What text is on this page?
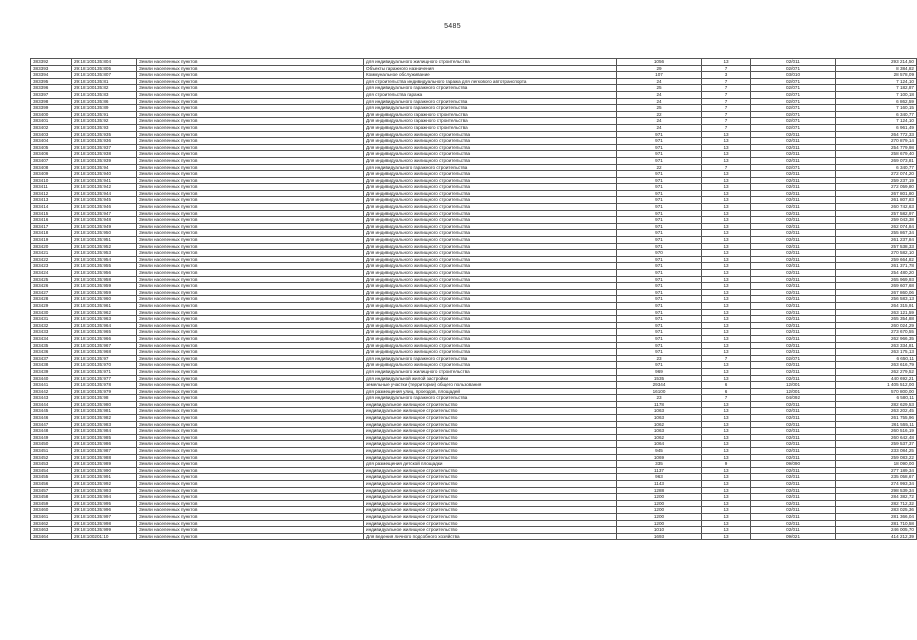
5485
383392	29:18:100135:804	Земли населенных пунктов	для индивидуального жилищного строительства	1056	13	02/011	293 214,50
383393	29:18:100135:805	Земли населенных пунктов	Объекты гаражного назначения	29	7	02/071	8 384,82
383394	29:18:100135:807	Земли населенных пунктов	Коммунальное обслуживание	107	3	03/010	28 578,09
383395	29:18:100135:81	Земли населенных пунктов	для строительства индивидуального гаража для легкового автотранспорта	24	7	02/071	7 124,10
383396	29:18:100135:82	Земли населенных пунктов	для индивидуального гаражного строительства	25	7	02/071	7 182,87
383397	29:18:100135:83	Земли населенных пунктов	для строительства гаража	24	7	02/071	7 100,18
383398	29:18:100135:86	Земли населенных пунктов	для индивидуального гаражного строительства	24	7	02/071	6 862,59
383399	29:18:100135:89	Земли населенных пунктов	для индивидуального гаражного строительства	25	7	02/071	7 160,15
383400	29:18:100135:91	Земли населенных пунктов	Для индивидуального гаражного строительства	22	7	02/071	6 340,77
383401	29:18:100135:92	Земли населенных пунктов	Для индивидуального гаражного строительства	24	7	02/071	7 124,10
383402	29:18:100135:93	Земли населенных пунктов	Для индивидуального гаражного строительства	24	7	02/071	6 961,49
383403	29:18:100135:935	Земли населенных пунктов	Для индивидуального жилищного строительства	971	13	02/011	264 772,33
383404	29:18:100135:936	Земли населенных пунктов	Для индивидуального жилищного строительства	971	13	02/011	270 879,14
383405	29:18:100135:937	Земли населенных пунктов	Для индивидуального жилищного строительства	971	13	02/011	254 779,98
383406	29:18:100135:938	Земли населенных пунктов	Для индивидуального жилищного строительства	971	13	02/011	258 679,40
383407	29:18:100135:939	Земли населенных пунктов	Для индивидуального жилищного строительства	971	13	02/011	269 073,81
383408	29:18:100135:94	Земли населенных пунктов	для индивидуального гаражного строительства	22	7	02/071	6 340,77
383409	29:18:100135:940	Земли населенных пунктов	Для индивидуального жилищного строительства	971	13	02/011	272 074,20
383410	29:18:100135:941	Земли населенных пунктов	Для индивидуального жилищного строительства	971	13	02/011	259 237,19
383411	29:18:100135:942	Земли населенных пунктов	Для индивидуального жилищного строительства	971	13	02/011	272 059,80
383412	29:18:100135:944	Земли населенных пунктов	Для индивидуального жилищного строительства	971	13	02/011	267 801,80
383413	29:18:100135:945	Земли населенных пунктов	Для индивидуального жилищного строительства	971	13	02/011	261 807,83
383414	29:18:100135:946	Земли населенных пунктов	Для индивидуального жилищного строительства	971	13	02/011	260 742,63
383415	29:18:100135:947	Земли населенных пунктов	Для индивидуального жилищного строительства	971	13	02/011	257 582,97
383416	29:18:100135:948	Земли населенных пунктов	Для индивидуального жилищного строительства	971	13	02/011	259 043,38
383417	29:18:100135:949	Земли населенных пунктов	Для индивидуального жилищного строительства	971	13	02/011	262 074,84
383418	29:18:100135:950	Земли населенных пунктов	Для индивидуального жилищного строительства	971	13	02/011	255 867,34
383419	29:18:100135:951	Земли населенных пунктов	Для индивидуального жилищного строительства	971	13	02/011	261 237,84
383420	29:18:100135:952	Земли населенных пунктов	Для индивидуального жилищного строительства	971	13	02/011	257 538,33
383421	29:18:100135:953	Земли населенных пунктов	Для индивидуального жилищного строительства	970	13	02/011	270 582,10
383422	29:18:100135:954	Земли населенных пунктов	Для индивидуального жилищного строительства	971	13	02/011	259 664,82
383423	29:18:100135:955	Земли населенных пунктов	Для индивидуального жилищного строительства	971	13	02/011	261 371,78
383424	29:18:100135:956	Земли населенных пунктов	Для индивидуального жилищного строительства	971	13	02/011	254 480,20
383425	29:18:100135:958	Земли населенных пунктов	Для индивидуального жилищного строительства	971	13	02/011	265 969,93
383426	29:18:100135:959	Земли населенных пунктов	Для индивидуального жилищного строительства	971	13	02/011	269 607,68
383427	29:18:100135:959	Земли населенных пунктов	Для индивидуального жилищного строительства	971	13	02/011	267 860,06
383428	29:18:100135:960	Земли населенных пунктов	Для индивидуального жилищного строительства	971	13	02/011	256 583,13
383429	29:18:100135:961	Земли населенных пунктов	Для индивидуального жилищного строительства	971	13	02/011	264 315,91
383430	29:18:100135:962	Земли населенных пунктов	Для индивидуального жилищного строительства	971	13	02/011	263 121,59
383431	29:18:100135:963	Земли населенных пунктов	Для индивидуального жилищного строительства	971	13	02/011	265 354,88
383432	29:18:100135:964	Земли населенных пунктов	Для индивидуального жилищного строительства	971	13	02/011	260 024,29
383433	29:18:100135:965	Земли населенных пунктов	Для индивидуального жилищного строительства	971	13	02/011	273 670,55
383434	29:18:100135:966	Земли населенных пунктов	Для индивидуального жилищного строительства	971	13	02/011	262 966,35
383435	29:18:100135:967	Земли населенных пунктов	Для индивидуального жилищного строительства	971	13	02/011	263 334,81
383436	29:18:100135:968	Земли населенных пунктов	Для индивидуального жилищного строительства	971	13	02/011	263 175,13
383437	29:18:100135:97	Земли населенных пунктов	для индивидуального гаражного строительства	23	7	02/071	6 650,11
383438	29:18:100135:970	Земли населенных пунктов	Для индивидуального жилищного строительства	971	13	02/011	263 616,79
383439	29:18:100135:971	Земли населенных пунктов	для индивидуального жилищного строительства	969	13	02/011	262 279,52
383440	29:18:100135:977	Земли населенных пунктов	для индивидуальной жилой застройки	1535	13	02/011	440 692,21
383441	29:18:100135:978	Земли населенных пунктов	земельные участки (территории) общего пользования	29344	6	12/001	1 405 512,00
383442	29:18:100135:979	Земли населенных пунктов	для размещения улиц, проездов, площадей	16100	6	12/001	570 800,00
383443	29:18:100135:98	Земли населенных пунктов	для индивидуального гаражного строительства	23	7	04/092	6 580,11
383444	29:18:100135:980	Земли населенных пунктов	индивидуальное жилищное строительство	1178	13	02/011	282 629,53
383445	29:18:100135:981	Земли населенных пунктов	индивидуальное жилищное строительство	1063	13	02/011	263 202,45
383446	29:18:100135:982	Земли населенных пунктов	индивидуальное жилищное строительство	1063	13	02/011	261 755,96
383447	29:18:100135:983	Земли населенных пунктов	индивидуальное жилищное строительство	1062	13	02/011	261 555,11
383448	29:18:100135:984	Земли населенных пунктов	индивидуальное жилищное строительство	1063	13	02/011	260 516,19
383449	29:18:100135:985	Земли населенных пунктов	индивидуальное жилищное строительство	1062	13	02/011	260 642,48
383450	29:18:100135:986	Земли населенных пунктов	индивидуальное жилищное строительство	1064	13	02/011	259 537,37
383451	29:18:100135:987	Земли населенных пунктов	индивидуальное жилищное строительство	945	13	02/011	233 084,25
383452	29:18:100135:988	Земли населенных пунктов	индивидуальное жилищное строительство	1069	13	02/011	259 083,22
383453	29:18:100135:989	Земли населенных пунктов	для размещения детской площадки	335	9	09/090	18 090,00
383454	29:18:100135:990	Земли населенных пунктов	индивидуальное жилищное строительство	1137	13	02/011	277 189,34
383455	29:18:100135:991	Земли населенных пунктов	индивидуальное жилищное строительство	963	13	02/011	235 058,67
383456	29:18:100135:992	Земли населенных пунктов	индивидуальное жилищное строительство	1143	13	02/011	274 993,34
383457	29:18:100135:993	Земли населенных пунктов	индивидуальное жилищное строительство	1288	13	02/011	298 539,34
383458	29:18:100135:994	Земли населенных пунктов	индивидуальное жилищное строительство	1200	13	02/011	284 382,72
383459	29:18:100135:995	Земли населенных пунктов	индивидуальное жилищное строительство	1200	13	02/011	282 712,32
383460	29:18:100135:996	Земли населенных пунктов	индивидуальное жилищное строительство	1200	13	02/011	283 025,36
383461	29:18:100135:997	Земли населенных пунктов	индивидуальное жилищное строительство	1200	13	02/011	281 366,04
383462	29:18:100135:998	Земли населенных пунктов	индивидуальное жилищное строительство	1200	13	02/011	281 710,58
383463	29:18:100135:999	Земли населенных пунктов	индивидуальное жилищное строительство	1010	13	02/011	246 005,70
383464	29:18:100201:10	Земли населенных пунктов	Для ведения личного подсобного хозяйства	1693	13	09/021	414 212,39
